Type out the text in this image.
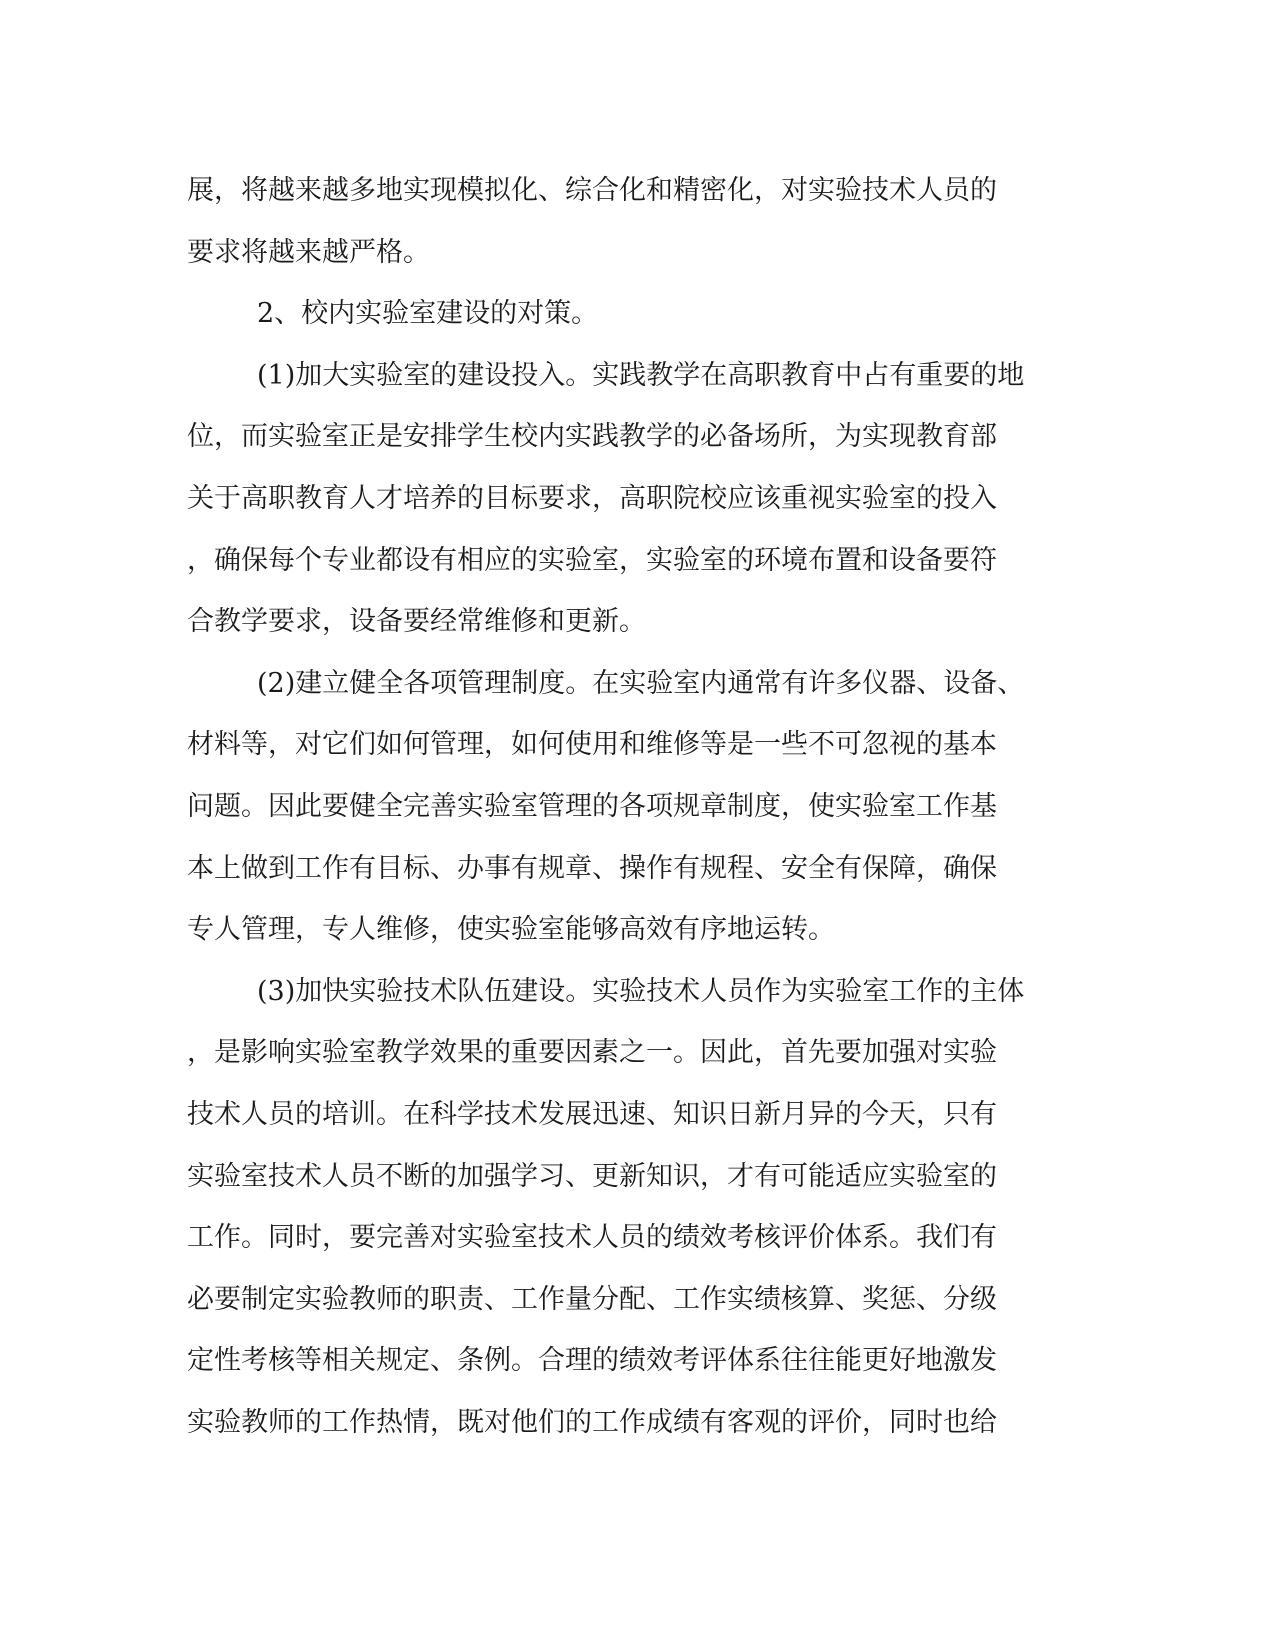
展，将越来越多地实现模拟化、综合化和精密化，对实验技术人员的
要求将越来越严格。
2、校内实验室建设的对策。
(1)加大实验室的建设投入。实践教学在高职教育中占有重要的地
位，而实验室正是安排学生校内实践教学的必备场所，为实现教育部
关于高职教育人才培养的目标要求，高职院校应该重视实验室的投入
，确保每个专业都设有相应的实验室，实验室的环境布置和设备要符
合教学要求，设备要经常维修和更新。
(2)建立健全各项管理制度。在实验室内通常有许多仪器、设备、
材料等，对它们如何管理，如何使用和维修等是一些不可忽视的基本
问题。因此要健全完善实验室管理的各项规章制度，使实验室工作基
本上做到工作有目标、办事有规章、操作有规程、安全有保障，确保
专人管理，专人维修，使实验室能够高效有序地运转。
(3)加快实验技术队伍建设。实验技术人员作为实验室工作的主体
，是影响实验室教学效果的重要因素之一。因此，首先要加强对实验
技术人员的培训。在科学技术发展迅速、知识日新月异的今天，只有
实验室技术人员不断的加强学习、更新知识，才有可能适应实验室的
工作。同时，要完善对实验室技术人员的绩效考核评价体系。我们有
必要制定实验教师的职责、工作量分配、工作实绩核算、奖惩、分级
定性考核等相关规定、条例。合理的绩效考评体系往往能更好地激发
实验教师的工作热情，既对他们的工作成绩有客观的评价，同时也给
